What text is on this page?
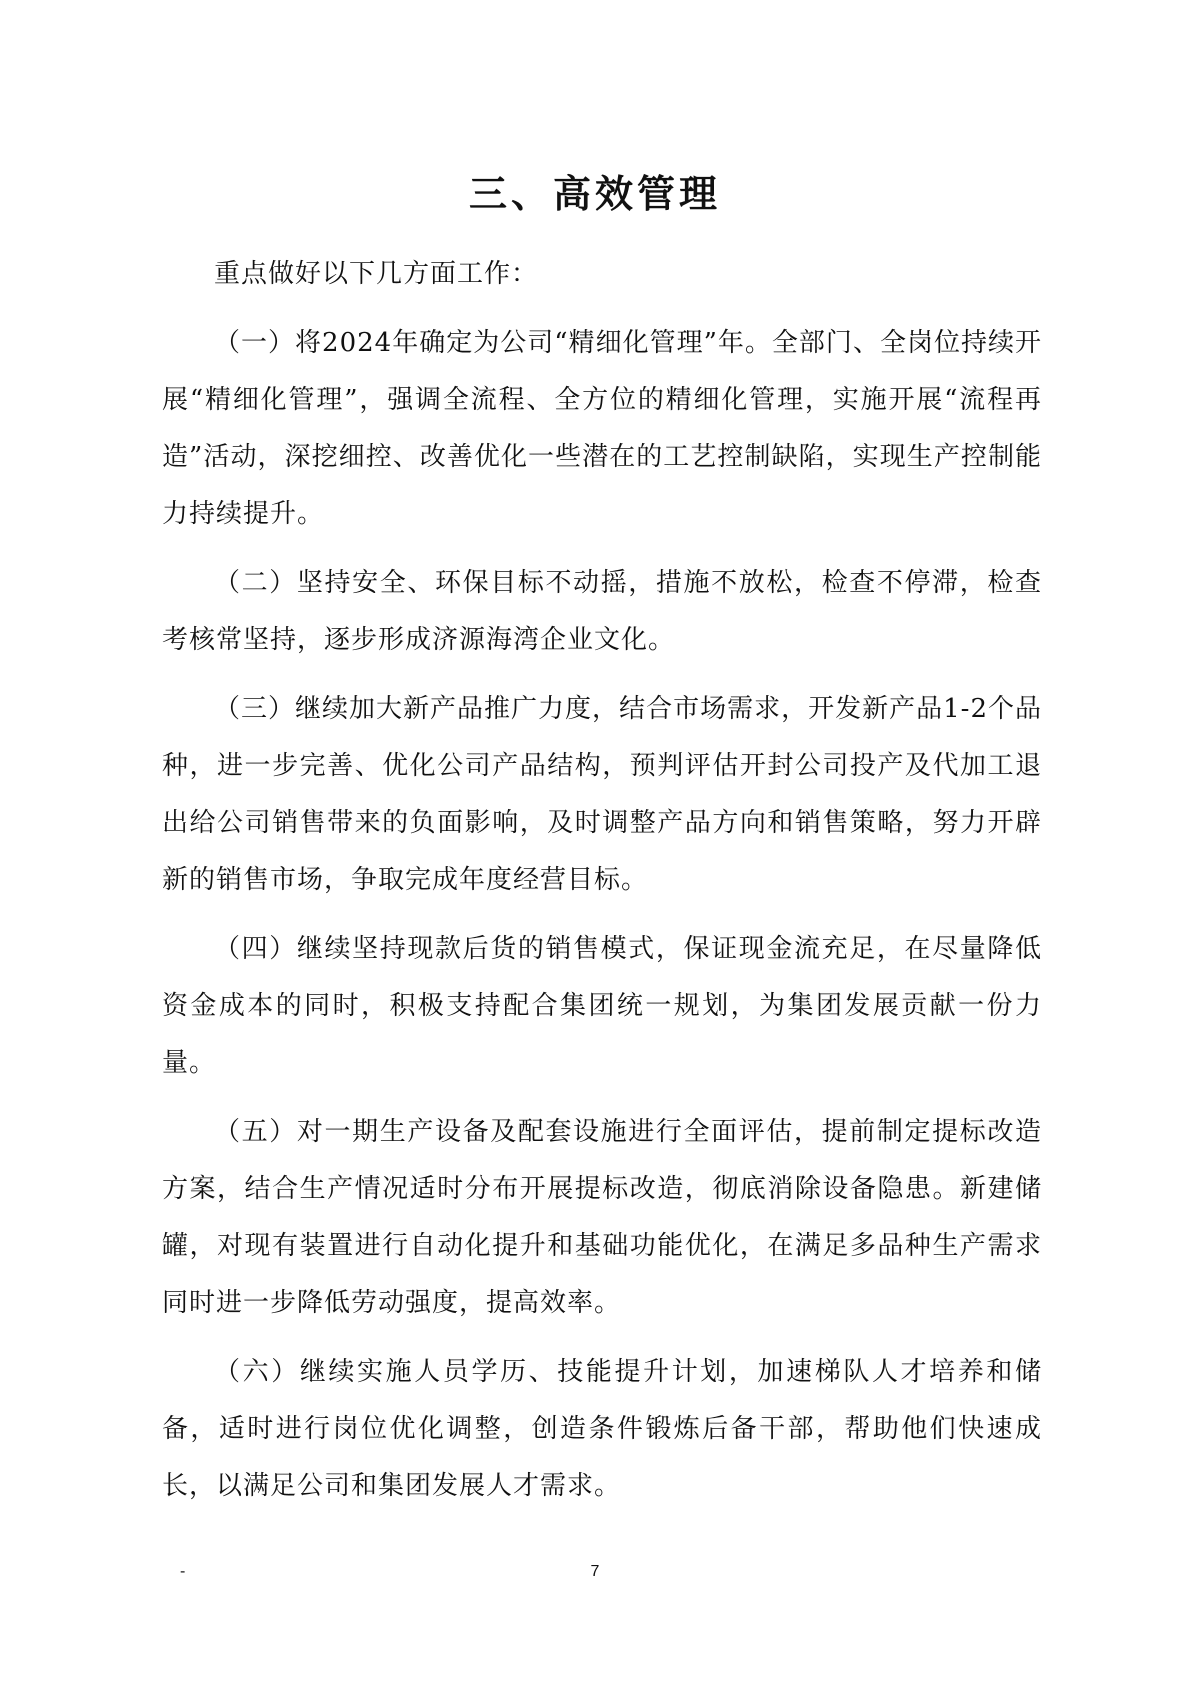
三、高效管理

重点做好以下几方面工作：

（一）将2024年确定为公司“精细化管理”年。全部门、全岗位持续开展“精细化管理”，强调全流程、全方位的精细化管理，实施开展“流程再造”活动，深挖细控、改善优化一些潜在的工艺控制缺陷，实现生产控制能力持续提升。

（二）坚持安全、环保目标不动摇，措施不放松，检查不停滞，检查考核常坚持，逐步形成济源海湾企业文化。

（三）继续加大新产品推广力度，结合市场需求，开发新产品1-2个品种，进一步完善、优化公司产品结构，预判评估开封公司投产及代加工退出给公司销售带来的负面影响，及时调整产品方向和销售策略，努力开辟新的销售市场，争取完成年度经营目标。

（四）继续坚持现款后货的销售模式，保证现金流充足，在尽量降低资金成本的同时，积极支持配合集团统一规划，为集团发展贡献一份力量。

（五）对一期生产设备及配套设施进行全面评估，提前制定提标改造方案，结合生产情况适时分布开展提标改造，彻底消除设备隐患。新建储罐，对现有装置进行自动化提升和基础功能优化，在满足多品种生产需求同时进一步降低劳动强度，提高效率。

（六）继续实施人员学历、技能提升计划，加速梯队人才培养和储备，适时进行岗位优化调整，创造条件锻炼后备干部，帮助他们快速成长，以满足公司和集团发展人才需求。

7
-
